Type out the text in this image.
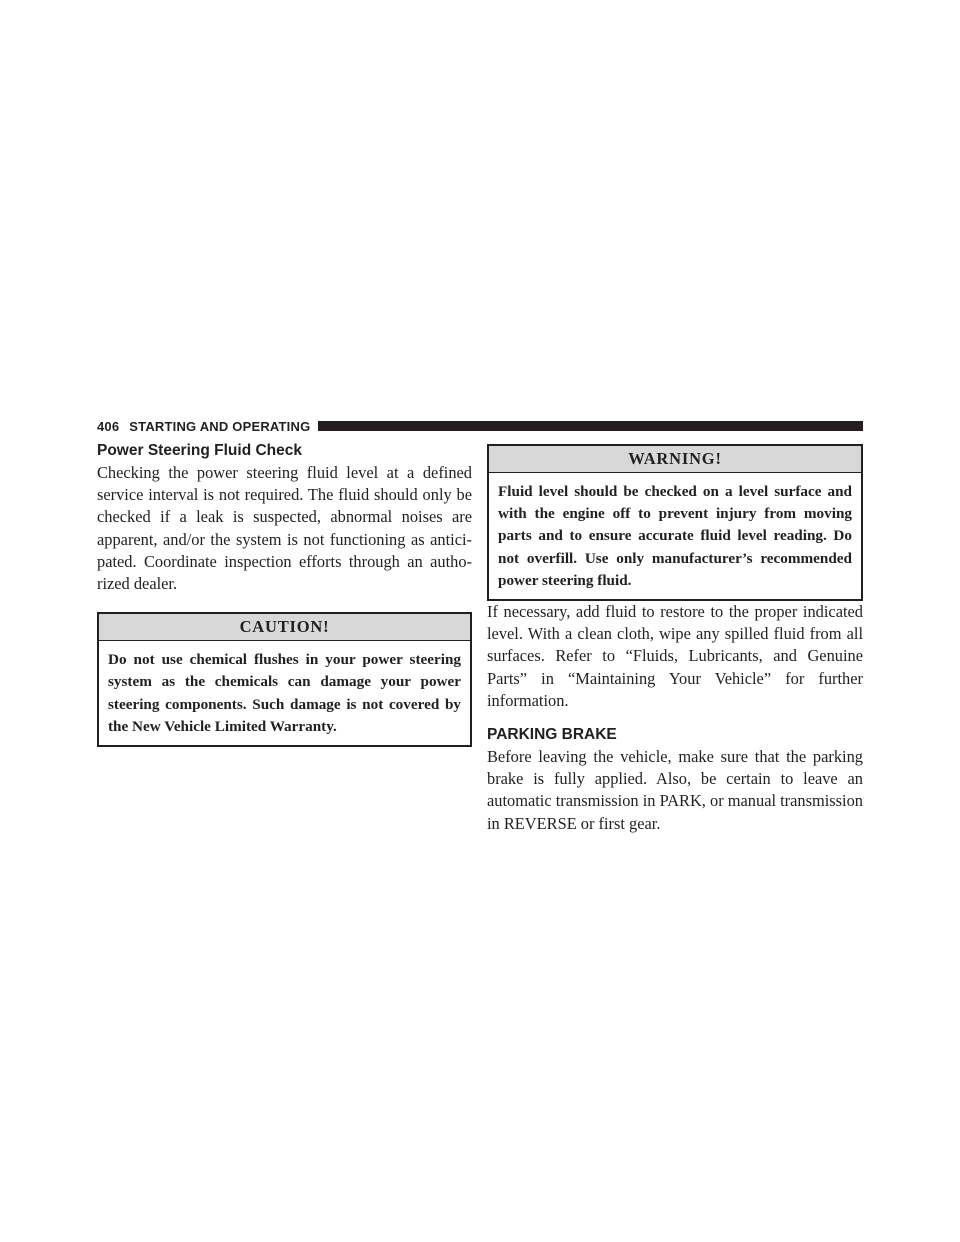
406 STARTING AND OPERATING
Power Steering Fluid Check

Checking the power steering fluid level at a defined service interval is not required. The fluid should only be checked if a leak is suspected, abnormal noises are apparent, and/or the system is not functioning as anticipated. Coordinate inspection efforts through an authorized dealer.

CAUTION!
Do not use chemical flushes in your power steering system as the chemicals can damage your power steering components. Such damage is not covered by the New Vehicle Limited Warranty.
WARNING!
Fluid level should be checked on a level surface and with the engine off to prevent injury from moving parts and to ensure accurate fluid level reading. Do not overfill. Use only manufacturer’s recommended power steering fluid.

If necessary, add fluid to restore to the proper indicated level. With a clean cloth, wipe any spilled fluid from all surfaces. Refer to “Fluids, Lubricants, and Genuine Parts” in “Maintaining Your Vehicle” for further information.

PARKING BRAKE

Before leaving the vehicle, make sure that the parking brake is fully applied. Also, be certain to leave an automatic transmission in PARK, or manual transmission in REVERSE or first gear.
